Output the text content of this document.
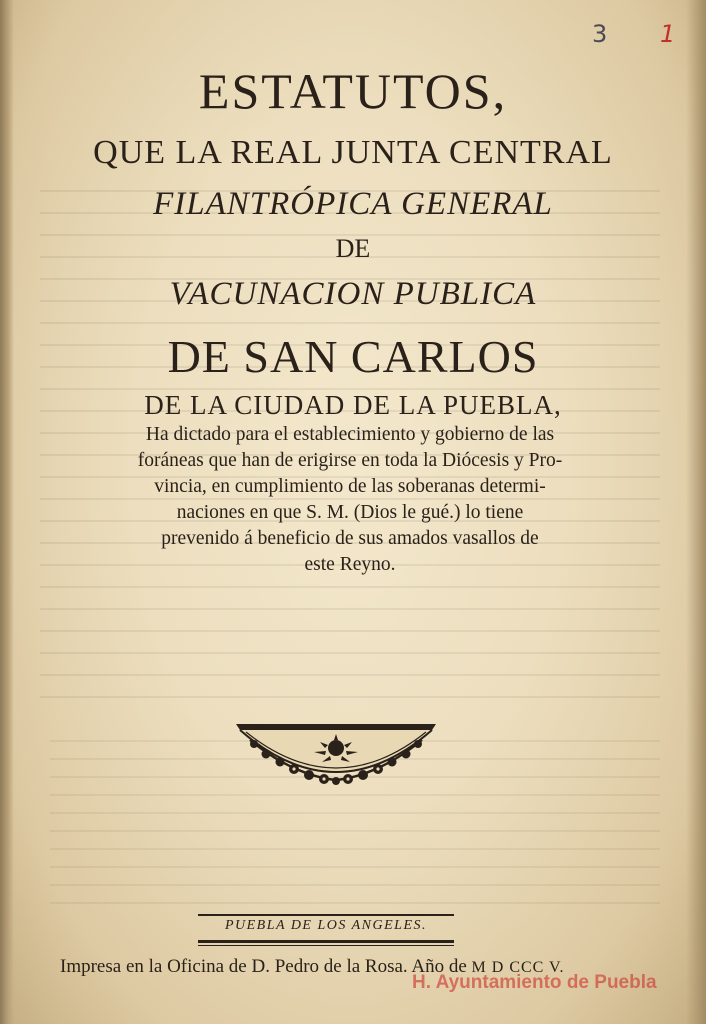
3 1
ESTATUTOS,
QUE LA REAL JUNTA CENTRAL
FILANTRÓPICA GENERAL
DE
VACUNACION PUBLICA
DE SAN CARLOS
DE LA CIUDAD DE LA PUEBLA,
Ha dictado para el establecimiento y gobierno de las
foráneas que han de erigirse en toda la Diócesis y Pro-
vincia, en cumplimiento de las soberanas determi-
naciones en que S. M. (Dios le gué.) lo tiene
prevenido á beneficio de sus amados vasallos de
este Reyno.
PUEBLA DE LOS ANGELES.
Impresa en la Oficina de D. Pedro de la Rosa. Año de M D CCC V.
H. Ayuntamiento de Puebla
